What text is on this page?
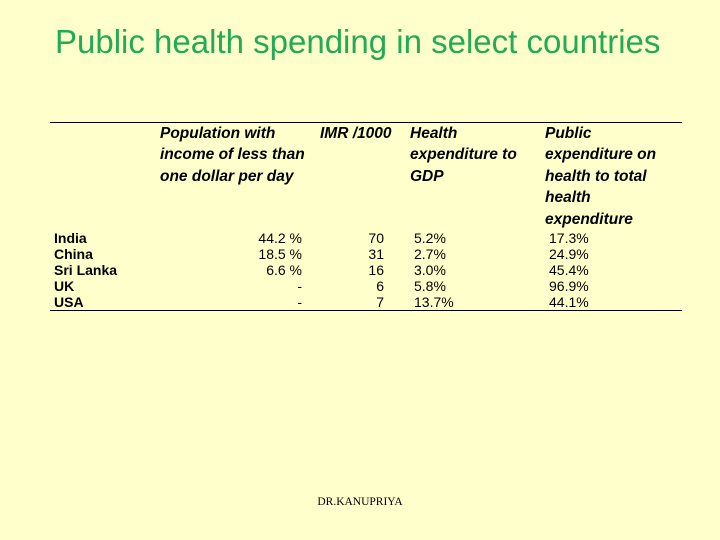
Public health spending in select countries
	Population with income of less than one dollar per day	IMR /1000	Health expenditure to GDP	Public expenditure on health to total health expenditure
India	44.2 %	70	5.2%	17.3%
China	18.5 %	31	2.7%	24.9%
Sri Lanka	6.6 %	16	3.0%	45.4%
UK	-	6	5.8%	96.9%
USA	-	7	13.7%	44.1%
DR.KANUPRIYA
